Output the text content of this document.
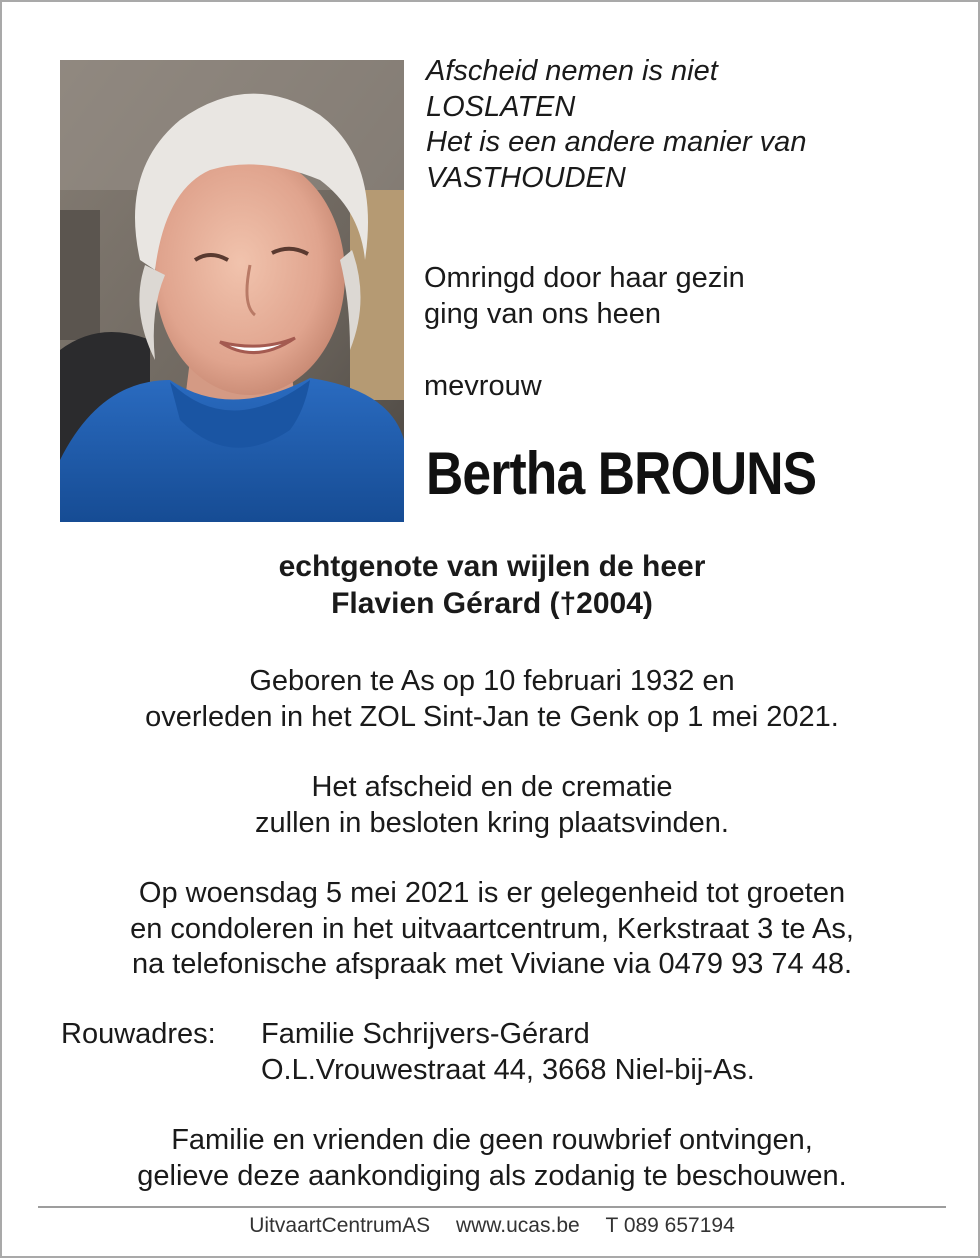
Afscheid nemen is niet
LOSLATEN
Het is een andere manier van
VASTHOUDEN
Omringd door haar gezin
ging van ons heen
mevrouw
Bertha BROUNS
echtgenote van wijlen de heer
Flavien Gérard (†2004)
Geboren te As op 10 februari 1932 en
overleden in het ZOL Sint-Jan te Genk op 1 mei 2021.
Het afscheid en de crematie
zullen in besloten kring plaatsvinden.
Op woensdag 5 mei 2021 is er gelegenheid tot groeten
en condoleren in het uitvaartcentrum, Kerkstraat 3 te As,
na telefonische afspraak met Viviane via 0479 93 74 48.
Rouwadres: Familie Schrijvers-Gérard
O.L.Vrouwestraat 44, 3668 Niel-bij-As.
Familie en vrienden die geen rouwbrief ontvingen,
gelieve deze aankondiging als zodanig te beschouwen.
UitvaartCentrumAS www.ucas.be T 089 657194
